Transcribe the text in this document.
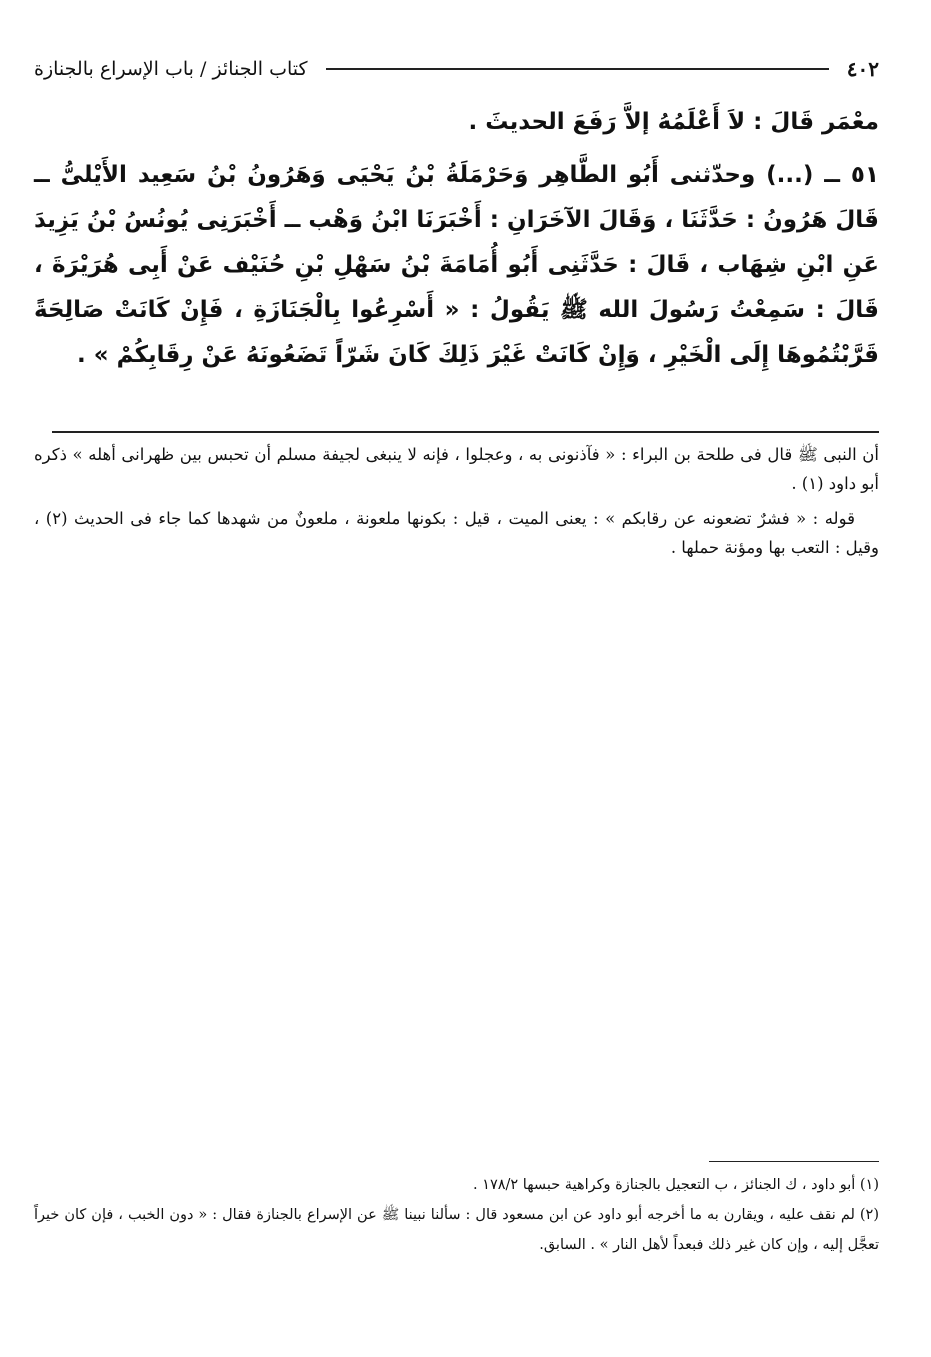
٤٠٢
كتاب الجنائز / باب الإسراع بالجنازة

معْمَر قَالَ : لاَ أَعْلَمُهُ إلاَّ رَفَعَ الحديثَ .

٥١ ــ (...) وحدّثنى أَبُو الطَّاهِر وَحَرْمَلَةُ بْنُ يَحْيَى وَهَرُونُ بْنُ سَعِيد الأَيْلىُّ ــ قَالَ هَرُونُ : حَدَّثَنَا ، وَقَالَ الآخَرَانِ : أَخْبَرَنَا ابْنُ وَهْب ــ أَخْبَرَنِى يُونُسُ بْنُ يَزِيدَ عَنِ ابْنِ شِهَاب ، قَالَ : حَدَّثَنِى أَبُو أُمَامَةَ بْنُ سَهْلِ بْنِ حُنَيْف عَنْ أَبِى هُرَيْرَةَ ، قَالَ : سَمِعْتُ رَسُولَ الله ﷺ يَقُولُ : « أَسْرِعُوا بِالْجَنَازَةِ ، فَإِنْ كَانَتْ صَالِحَةً قَرَّبْتُمُوهَا إِلَى الْخَيْرِ ، وَإِنْ كَانَتْ غَيْرَ ذَلِكَ كَانَ شَرّاً تَضَعُونَهُ عَنْ رِقَابِكُمْ » .

أن النبى ﷺ قال فى طلحة بن البراء : « فآذنونى به ، وعجلوا ، فإنه لا ينبغى لجيفة مسلم أن تحبس بين ظهرانى أهله » ذكره أبو داود (١) .

قوله : « فشرٌ تضعونه عن رقابكم » : يعنى الميت ، قيل : بكونها ملعونة ، ملعونٌ من شهدها كما جاء فى الحديث (٢) ، وقيل : التعب بها ومؤنة حملها .

(١) أبو داود ، ك الجنائز ، ب التعجيل بالجنازة وكراهية حبسها ١٧٨/٢ .

(٢) لم نقف عليه ، ويقارن به ما أخرجه أبو داود عن ابن مسعود قال : سألنا نبينا ﷺ عن الإسراع بالجنازة فقال : « دون الخبب ، فإن كان خيراً تعجَّل إليه ، وإن كان غير ذلك فبعداً لأهل النار » . السابق.
